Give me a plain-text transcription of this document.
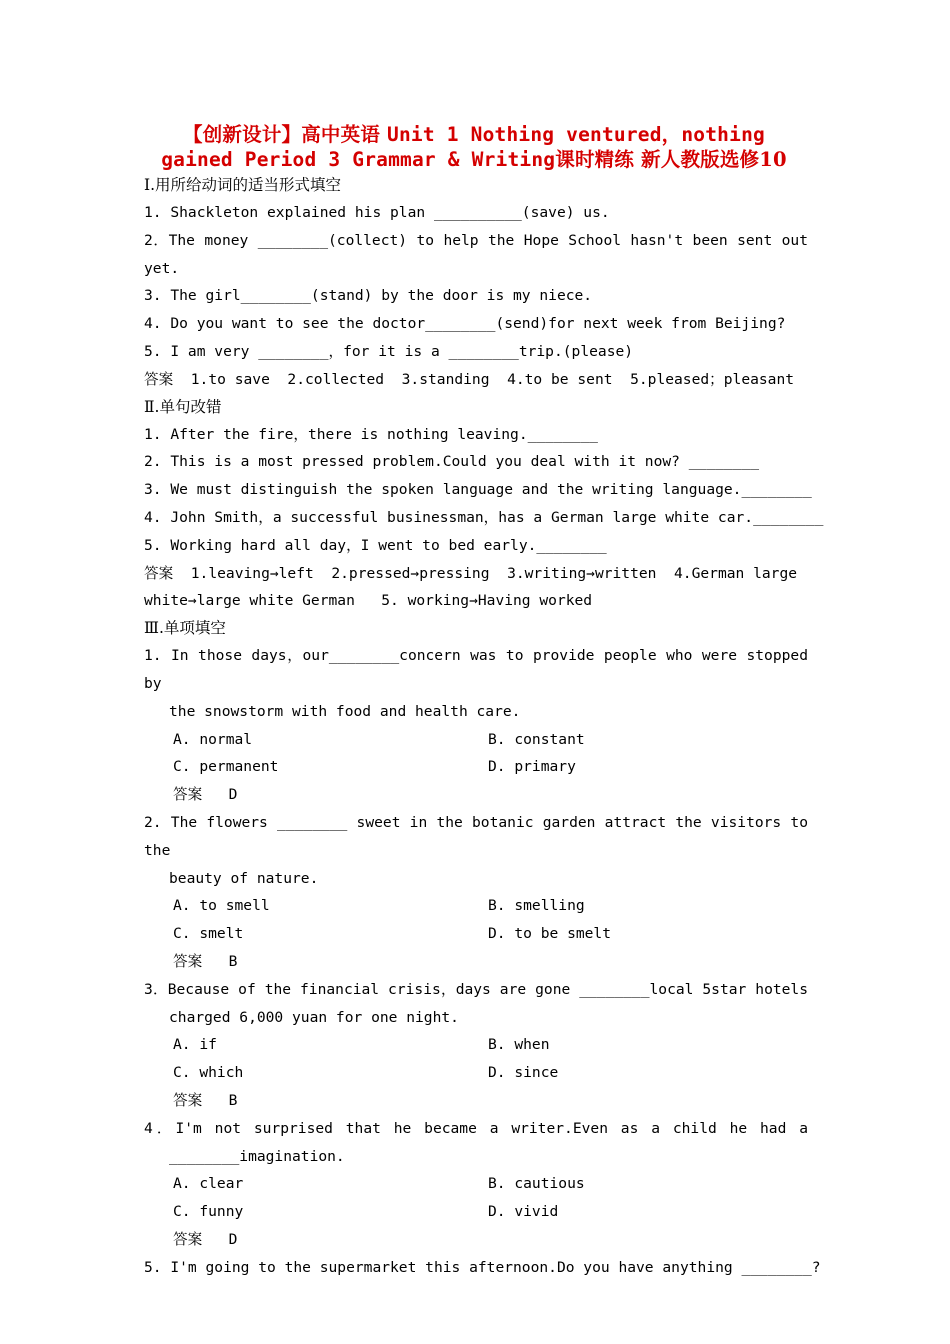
【创新设计】高中英语 Unit 1 Nothing ventured，nothing
gained Period 3 Grammar & Writing课时精练 新人教版选修10
I.用所给动词的适当形式填空
1. Shackleton explained his plan __________(save) us.
2．The money ________(collect) to help the Hope School hasn't been sent out
yet.
3. The girl________(stand) by the door is my niece.
4. Do you want to see the doctor________(send)for next week from Beijing?
5. I am very ________，for it is a ________trip.(please)
答案  1.to save  2.collected  3.standing  4.to be sent  5.pleased；pleasant
Ⅱ.单句改错
1. After the fire，there is nothing leaving.________
2. This is a most pressed problem.Could you deal with it now? ________
3. We must distinguish the spoken language and the writing language.________
4. John Smith，a successful businessman，has a German large white car.________
5. Working hard all day，I went to bed early.________
答案  1.leaving→left  2.pressed→pressing  3.writing→written  4.German large
white→large white German   5. working→Having worked
Ⅲ.单项填空
1. In those days，our________concern was to provide people who were stopped by
the snowstorm with food and health care.
A. normal	B. constant
C. permanent	D. primary
答案 D
2. The flowers ________ sweet in the botanic garden attract the visitors to the
beauty of nature.
A. to smell	B. smelling
C. smelt	D. to be smelt
答案 B
3．Because of the financial crisis，days are gone ________local 5star hotels
charged 6,000 yuan for one night.
A. if	B. when
C. which	D. since
答案 B
4．I'm not surprised that he became a writer.Even as a child he had a
________imagination.
A. clear	B. cautious
C. funny	D. vivid
答案 D
5. I'm going to the supermarket this afternoon.Do you have anything ________?
